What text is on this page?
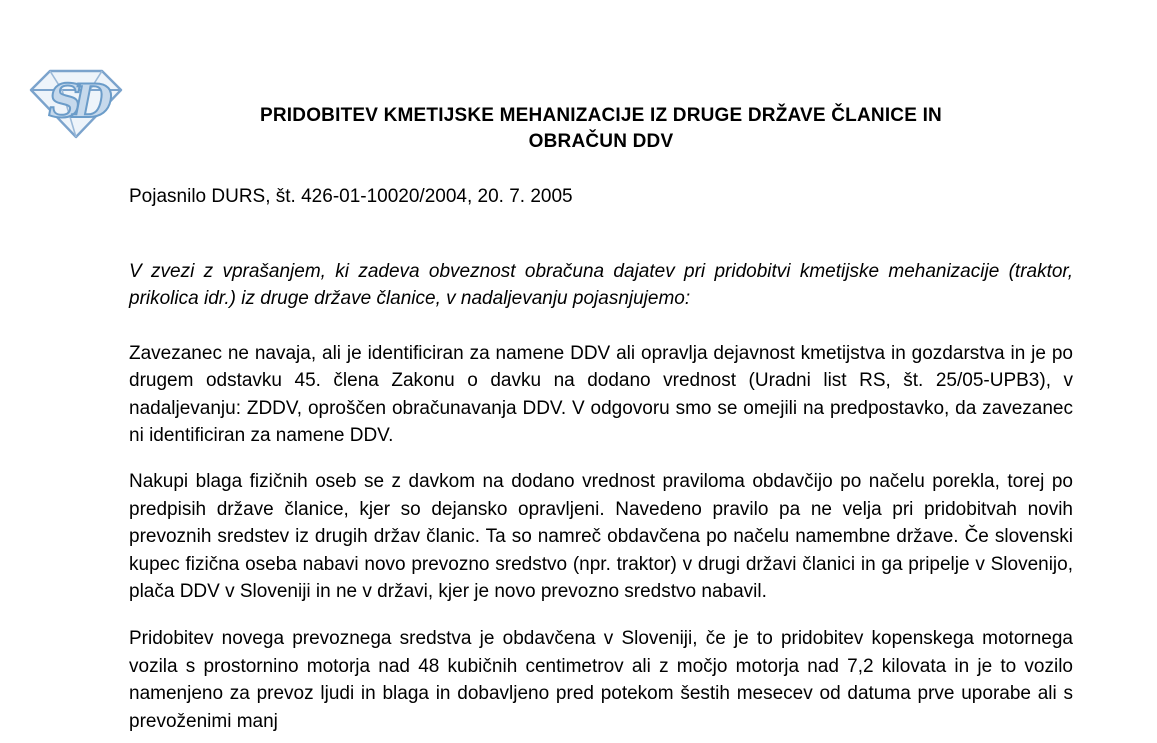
SD	PRIDOBITEV KMETIJSKE MEHANIZACIJE IZ DRUGE DRŽAVE ČLANICE IN
OBRAČUN DDV

Pojasnilo DURS, št. 426-01-10020/2004, 20. 7. 2005

V zvezi z vprašanjem, ki zadeva obveznost obračuna dajatev pri pridobitvi kmetijske mehanizacije (traktor, prikolica idr.) iz druge države članice, v nadaljevanju pojasnjujemo:

Zavezanec ne navaja, ali je identificiran za namene DDV ali opravlja dejavnost kmetijstva in gozdarstva in je po drugem odstavku 45. člena Zakonu o davku na dodano vrednost (Uradni list RS, št. 25/05-UPB3), v nadaljevanju: ZDDV, oproščen obračunavanja DDV. V odgovoru smo se omejili na predpostavko, da zavezanec ni identificiran za namene DDV.

Nakupi blaga fizičnih oseb se z davkom na dodano vrednost praviloma obdavčijo po načelu porekla, torej po predpisih države članice, kjer so dejansko opravljeni. Navedeno pravilo pa ne velja pri pridobitvah novih prevoznih sredstev iz drugih držav članic. Ta so namreč obdavčena po načelu namembne države. Če slovenski kupec fizična oseba nabavi novo prevozno sredstvo (npr. traktor) v drugi državi članici in ga pripelje v Slovenijo, plača DDV v Sloveniji in ne v državi, kjer je novo prevozno sredstvo nabavil.

Pridobitev novega prevoznega sredstva je obdavčena v Sloveniji, če je to pridobitev kopenskega motornega vozila s prostornino motorja nad 48 kubičnih centimetrov ali z močjo motorja nad 7,2 kilovata in je to vozilo namenjeno za prevoz ljudi in blaga in dobavljeno pred potekom šestih mesecev od datuma prve uporabe ali s prevoženimi manj
